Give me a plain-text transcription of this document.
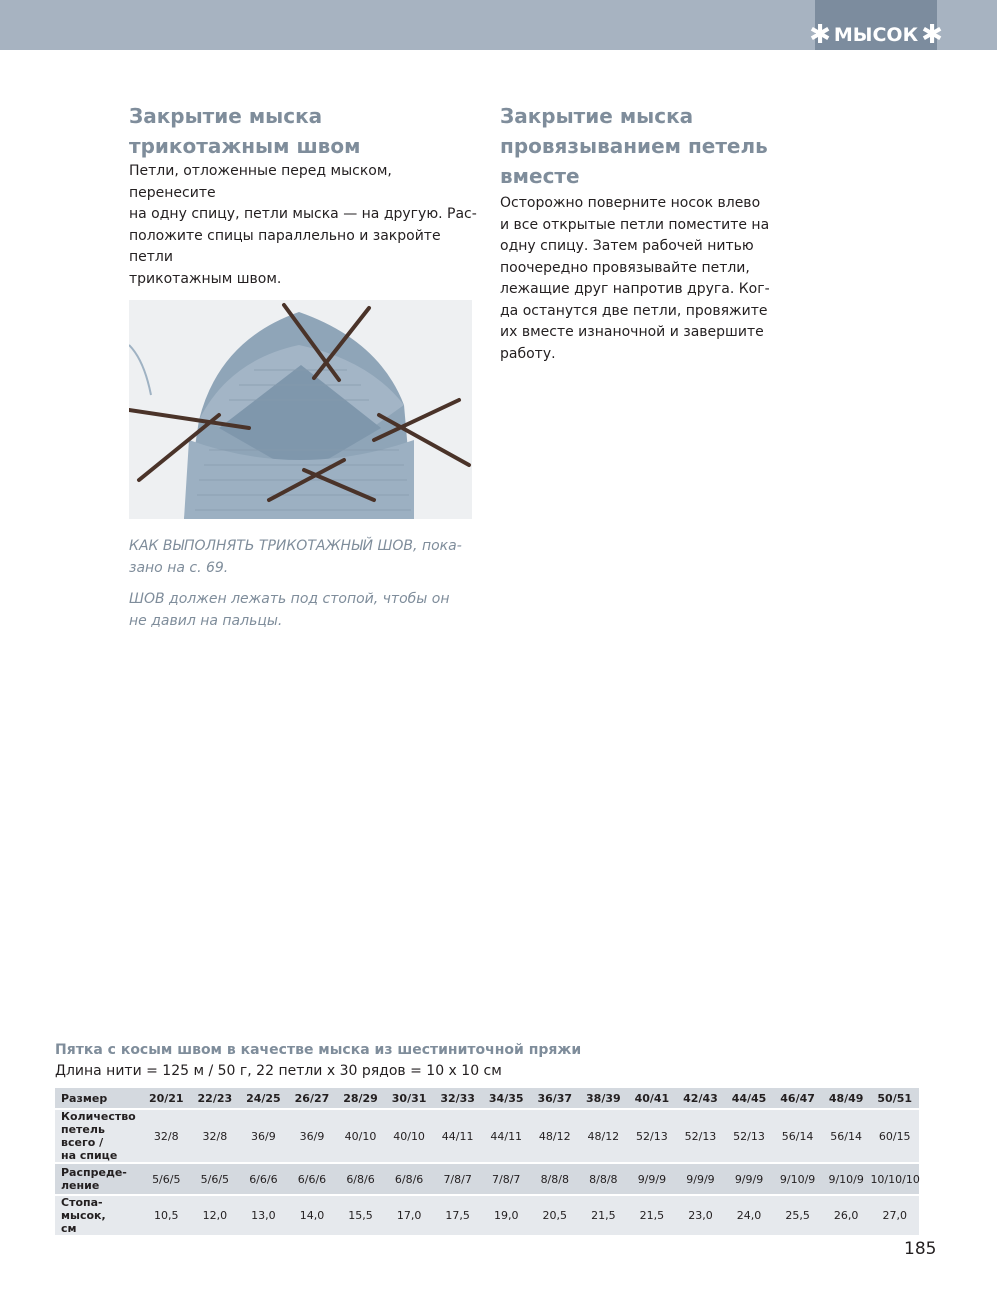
✱ МЫСОК ✱
Закрытие мыска
трикотажным швом
Петли, отложенные перед мыском, перенесите
на одну спицу, петли мыска — на другую. Рас-
положите спицы параллельно и закройте петли
трикотажным швом.
КАК ВЫПОЛНЯТЬ ТРИКОТАЖНЫЙ ШОВ, пока-
зано на с. 69.
ШОВ должен лежать под стопой, чтобы он
не давил на пальцы.
Закрытие мыска
провязыванием петель
вместе
Осторожно поверните носок влево
и все открытые петли поместите на
одну спицу. Затем рабочей нитью
поочередно провязывайте петли,
лежащие друг напротив друга. Ког-
да останутся две петли, провяжите
их вместе изнаночной и завершите
работу.
Пятка с косым швом в качестве мыска из шестиниточной пряжи
Длина нити = 125 м / 50 г, 22 петли х 30 рядов = 10 х 10 см
Размер	20/21	22/23	24/25	26/27	28/29	30/31	32/33	34/35	36/37	38/39	40/41	42/43	44/45	46/47	48/49	50/51

Количество
петель всего /
на спице	32/8	32/8	36/9	36/9	40/10	40/10	44/11	44/11	48/12	48/12	52/13	52/13	52/13	56/14	56/14	60/15

Распреде-
ление	5/6/5	5/6/5	6/6/6	6/6/6	6/8/6	6/8/6	7/8/7	7/8/7	8/8/8	8/8/8	9/9/9	9/9/9	9/9/9	9/10/9	9/10/9	10/10/10

Стопа-мысок,
см	10,5	12,0	13,0	14,0	15,5	17,0	17,5	19,0	20,5	21,5	21,5	23,0	24,0	25,5	26,0	27,0
185
